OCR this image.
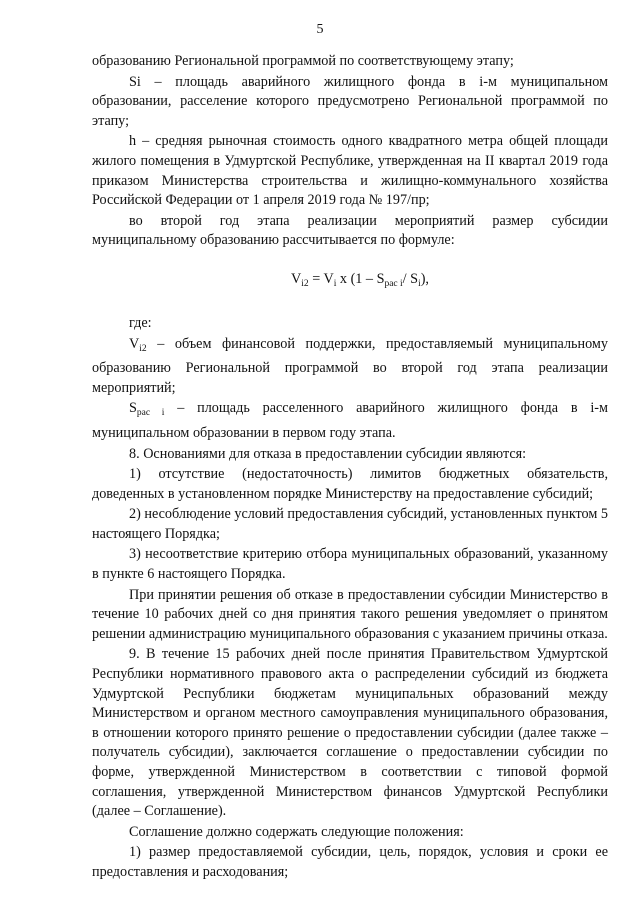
5

образованию Региональной программой по соответствующему этапу;

Si – площадь аварийного жилищного фонда в i-м муниципальном образовании, расселение которого предусмотрено Региональной программой по этапу;

h – средняя рыночная стоимость одного квадратного метра общей площади жилого помещения в Удмуртской Республике, утвержденная на II квартал 2019 года приказом Министерства строительства и жилищно-коммунального хозяйства Российской Федерации от 1 апреля 2019 года № 197/пр;

во второй год этапа реализации мероприятий размер субсидии муниципальному образованию рассчитывается по формуле:

$V_{i2} = V_i$ x ($1 - S_{рас i}/$ $S_i$),

где:

$V_{i2}$ – объем финансовой поддержки, предоставляемый муниципальному образованию Региональной программой во второй год этапа реализации мероприятий;

$S_{рас i}$ – площадь расселенного аварийного жилищного фонда в i-м муниципальном образовании в первом году этапа.

8. Основаниями для отказа в предоставлении субсидии являются:

1) отсутствие (недостаточность) лимитов бюджетных обязательств, доведенных в установленном порядке Министерству на предоставление субсидий;

2) несоблюдение условий предоставления субсидий, установленных пунктом 5 настоящего Порядка;

3) несоответствие критерию отбора муниципальных образований, указанному в пункте 6 настоящего Порядка.

При принятии решения об отказе в предоставлении субсидии Министерство в течение 10 рабочих дней со дня принятия такого решения уведомляет о принятом решении администрацию муниципального образования с указанием причины отказа.

9. В течение 15 рабочих дней после принятия Правительством Удмуртской Республики нормативного правового акта о распределении субсидий из бюджета Удмуртской Республики бюджетам муниципальных образований между Министерством и органом местного самоуправления муниципального образования, в отношении которого принято решение о предоставлении субсидии (далее также – получатель субсидии), заключается соглашение о предоставлении субсидии по форме, утвержденной Министерством в соответствии с типовой формой соглашения, утвержденной Министерством финансов Удмуртской Республики (далее – Соглашение).

Соглашение должно содержать следующие положения:

1) размер предоставляемой субсидии, цель, порядок, условия и сроки ее предоставления и расходования;
